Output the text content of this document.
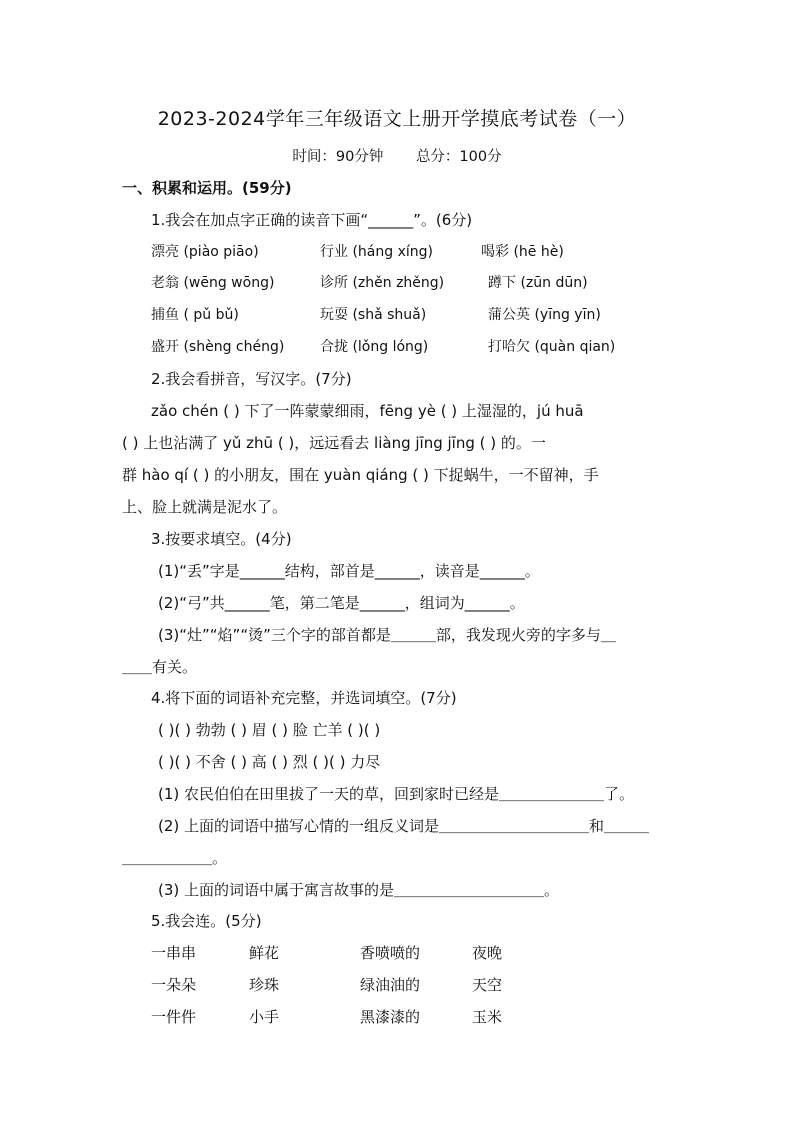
2023-2024学年三年级语文上册开学摸底考试卷（一）
时间：90分钟 总分：100分
一、积累和运用。(59分)
1.我会在加点字正确的读音下画“______”。(6分)
漂亮 (piào piāo)	行业 (háng xíng)	喝彩 (hē hè)
老翁 (wēng wōng)	诊所 (zhěn zhěng)	蹲下 (zūn dūn)
捕鱼 ( pǔ bǔ)	玩耍 (shǎ shuǎ)	蒲公英 (yīng yīn)
盛开 (shèng chéng)	合拢 (lǒng lóng)	打哈欠 (quàn qian)
2.我会看拼音，写汉字。(7分)
zǎo chén ( ) 下了一阵蒙蒙细雨，fēng yè ( ) 上湿湿的，jú huā
( ) 上也沾满了 yǔ zhū ( )，远远看去 liàng jīng jīng ( ) 的。一
群 hào qí ( ) 的小朋友，围在 yuàn qiáng ( ) 下捉蜗牛，一不留神，手
上、脸上就满是泥水了。
3.按要求填空。(4分)
(1)“丢”字是______结构，部首是______，读音是______。
(2)“弓”共______笔，第二笔是______，组词为______。
(3)“灶”“焰”“烫”三个字的部首都是＿＿＿部，我发现火旁的字多与＿
＿＿有关。
4.将下面的词语补充完整，并选词填空。(7分)
( )( ) 勃勃 ( ) 眉 ( ) 脸 亡羊 ( )( )
( )( ) 不舍 ( ) 高 ( ) 烈 ( )( ) 力尽
(1) 农民伯伯在田里拔了一天的草，回到家时已经是＿＿＿＿＿＿＿了。
(2) 上面的词语中描写心情的一组反义词是＿＿＿＿＿＿＿＿＿＿和＿＿＿
＿＿＿＿＿＿。
(3) 上面的词语中属于寓言故事的是＿＿＿＿＿＿＿＿＿＿。
5.我会连。(5分)
一串串	鲜花	香喷喷的	夜晚
一朵朵	珍珠	绿油油的	天空
一件件	小手	黑漆漆的	玉米
